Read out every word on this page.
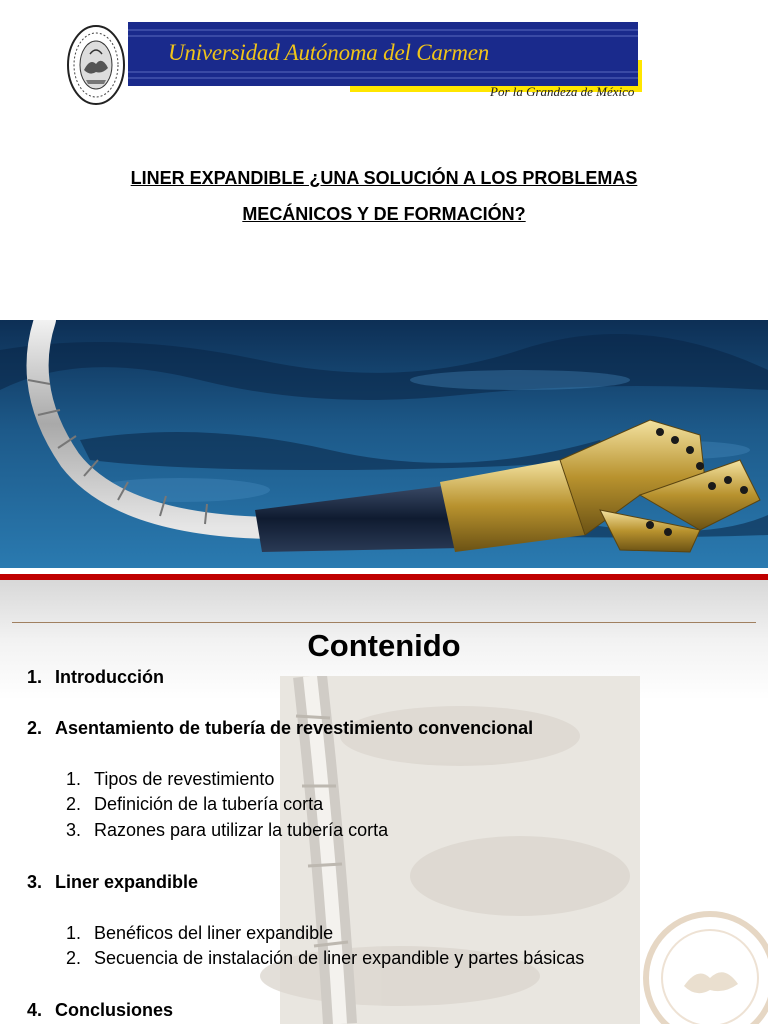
Universidad Autónoma del Carmen
Por la Grandeza de México
LINER EXPANDIBLE ¿UNA SOLUCIÓN A LOS PROBLEMAS
MECÁNICOS Y DE FORMACIÓN?
Contenido
1. Introducción
2. Asentamiento de tubería de revestimiento convencional
1. Tipos de revestimiento
2. Definición de la tubería corta
3. Razones para utilizar la tubería corta
3. Liner expandible
1. Benéficos del liner expandible
2. Secuencia de instalación de liner expandible y partes básicas
4. Conclusiones
